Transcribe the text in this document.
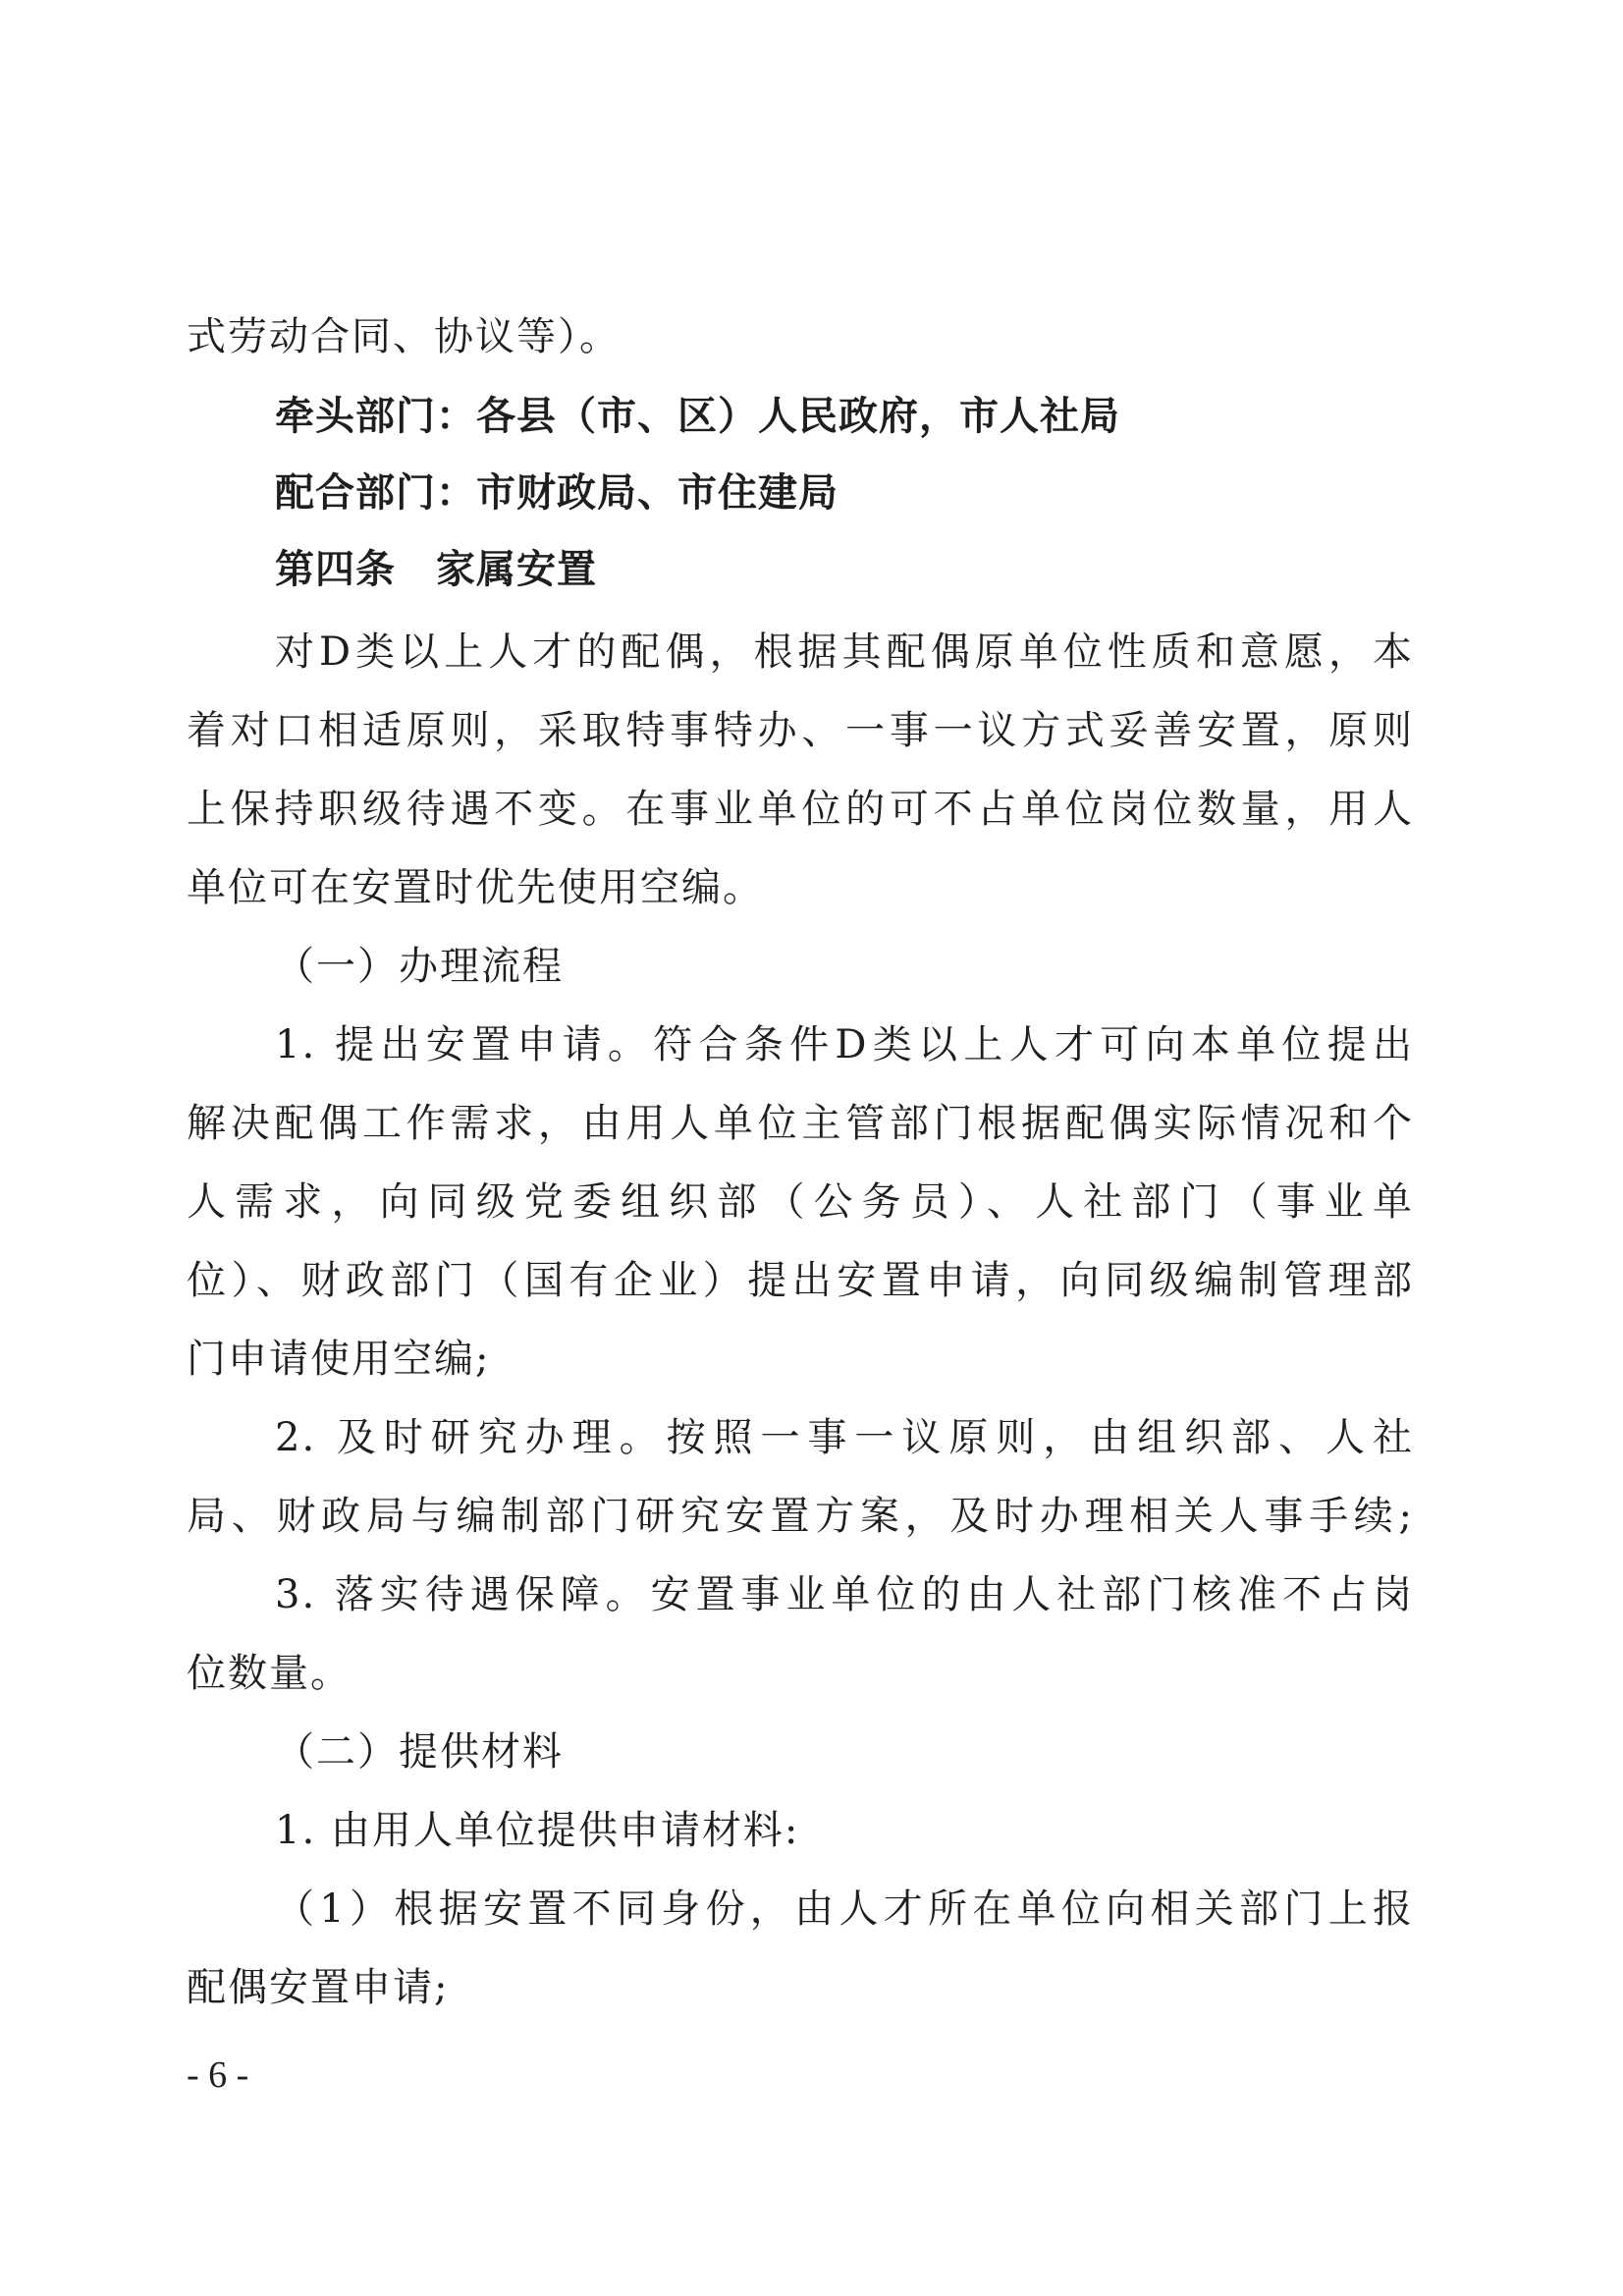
式劳动合同、协议等）。
牵头部门：各县（市、区）人民政府，市人社局
配合部门：市财政局、市住建局
第四条　家属安置
对D类以上人才的配偶，根据其配偶原单位性质和意愿，本
着对口相适原则，采取特事特办、一事一议方式妥善安置，原则
上保持职级待遇不变。在事业单位的可不占单位岗位数量，用人
单位可在安置时优先使用空编。
（一）办理流程
1. 提出安置申请。符合条件D类以上人才可向本单位提出
解决配偶工作需求，由用人单位主管部门根据配偶实际情况和个
人需求，向同级党委组织部（公务员）、人社部门（事业单
位）、财政部门（国有企业）提出安置申请，向同级编制管理部
门申请使用空编;
2. 及时研究办理。按照一事一议原则，由组织部、人社
局、财政局与编制部门研究安置方案，及时办理相关人事手续;
3. 落实待遇保障。安置事业单位的由人社部门核准不占岗
位数量。
（二）提供材料
1. 由用人单位提供申请材料:
（1）根据安置不同身份，由人才所在单位向相关部门上报
配偶安置申请;
- 6 -
